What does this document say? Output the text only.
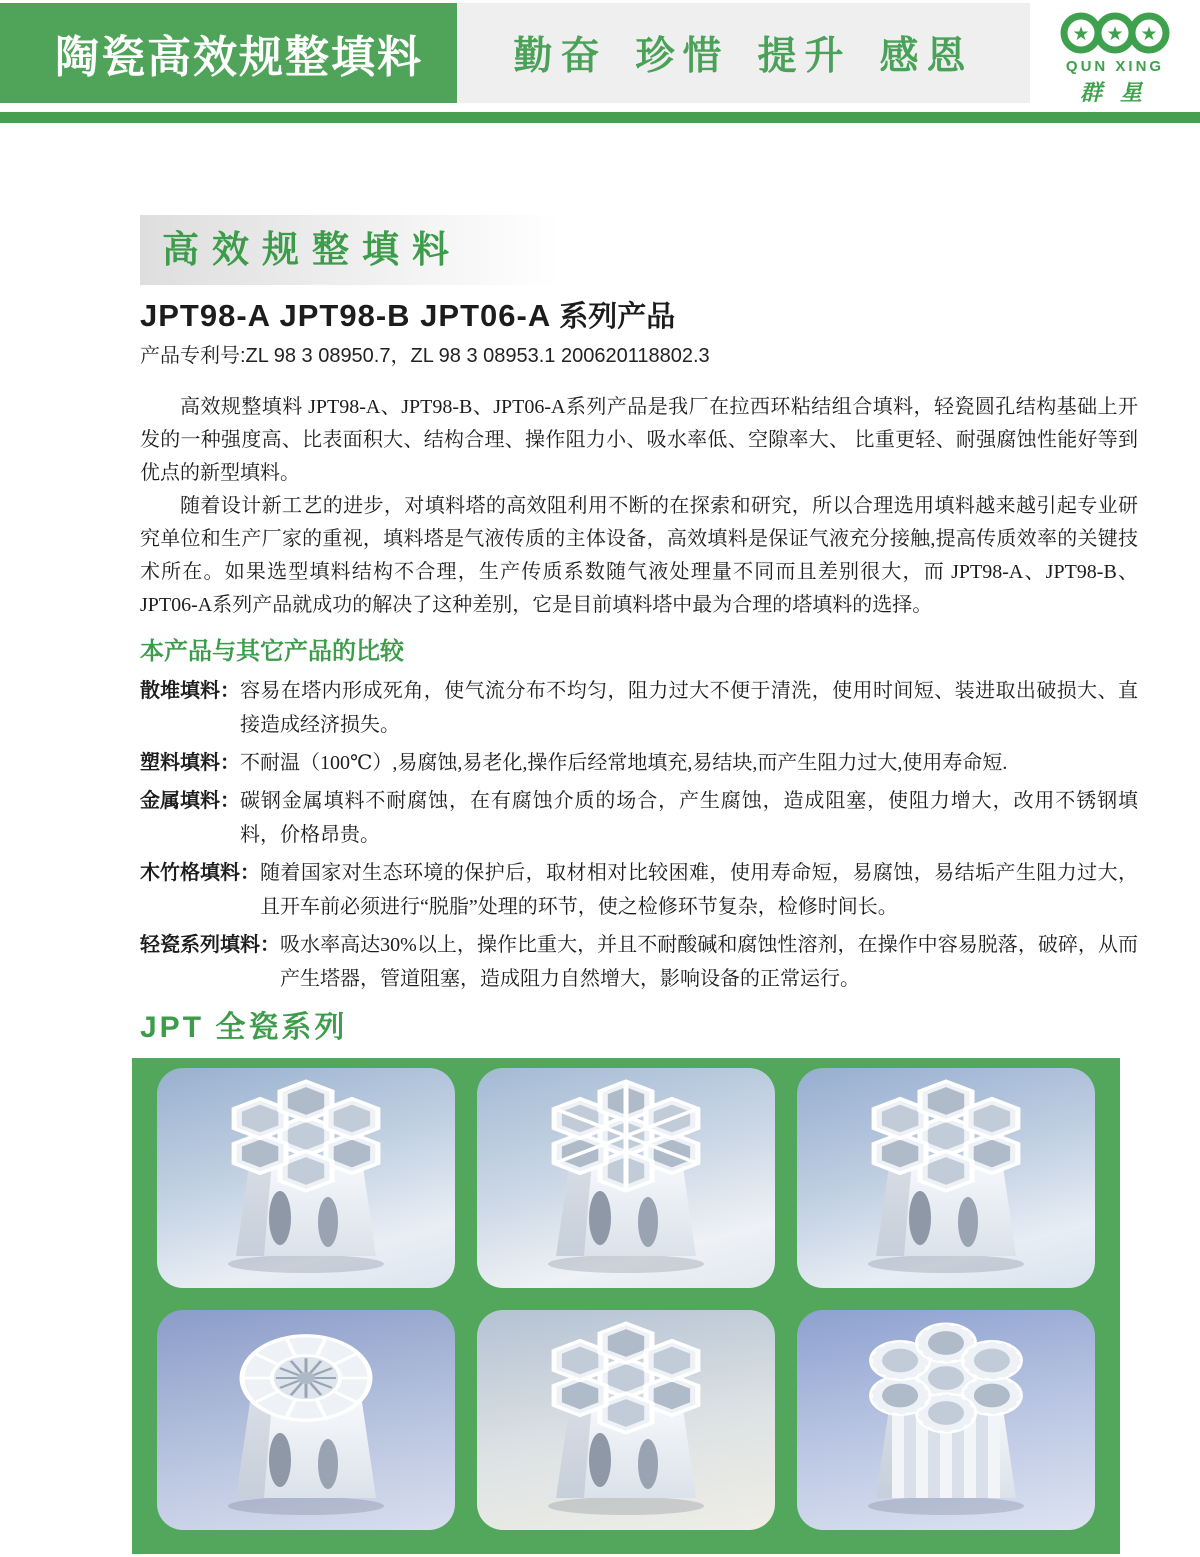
陶瓷高效规整填料 勤奋 珍惜 提升 感恩
★ ★ ★
QUN XING
群星
高效规整填料
JPT98-A JPT98-B JPT06-A 系列产品
产品专利号:ZL 98 3 08950.7，ZL 98 3 08953.1 200620118802.3

高效规整填料 JPT98-A、JPT98-B、JPT06-A系列产品是我厂在拉西环粘结组合填料，轻瓷圆孔结构基础上开发的一种强度高、比表面积大、结构合理、操作阻力小、吸水率低、空隙率大、 比重更轻、耐强腐蚀性能好等到优点的新型填料。

随着设计新工艺的进步，对填料塔的高效阻利用不断的在探索和研究，所以合理选用填料越来越引起专业研究单位和生产厂家的重视，填料塔是气液传质的主体设备，高效填料是保证气液充分接触,提高传质效率的关键技术所在。如果选型填料结构不合理，生产传质系数随气液处理量不同而且差别很大，而 JPT98-A、JPT98-B、JPT06-A系列产品就成功的解决了这种差别，它是目前填料塔中最为合理的塔填料的选择。

本产品与其它产品的比较
散堆填料： 容易在塔内形成死角，使气流分布不均匀，阻力过大不便于清洗，使用时间短、装进取出破损大、直接造成经济损失。
塑料填料： 不耐温（100℃）,易腐蚀,易老化,操作后经常地填充,易结块,而产生阻力过大,使用寿命短.
金属填料： 碳钢金属填料不耐腐蚀，在有腐蚀介质的场合，产生腐蚀，造成阻塞，使阻力增大，改用不锈钢填料，价格昂贵。
木竹格填料： 随着国家对生态环境的保护后，取材相对比较困难，使用寿命短，易腐蚀，易结垢产生阻力过大，且开车前必须进行“脱脂”处理的环节，使之检修环节复杂，检修时间长。
轻瓷系列填料： 吸水率高达30%以上，操作比重大，并且不耐酸碱和腐蚀性溶剂，在操作中容易脱落，破碎，从而产生塔器，管道阻塞，造成阻力自然增大，影响设备的正常运行。
JPT 全瓷系列
